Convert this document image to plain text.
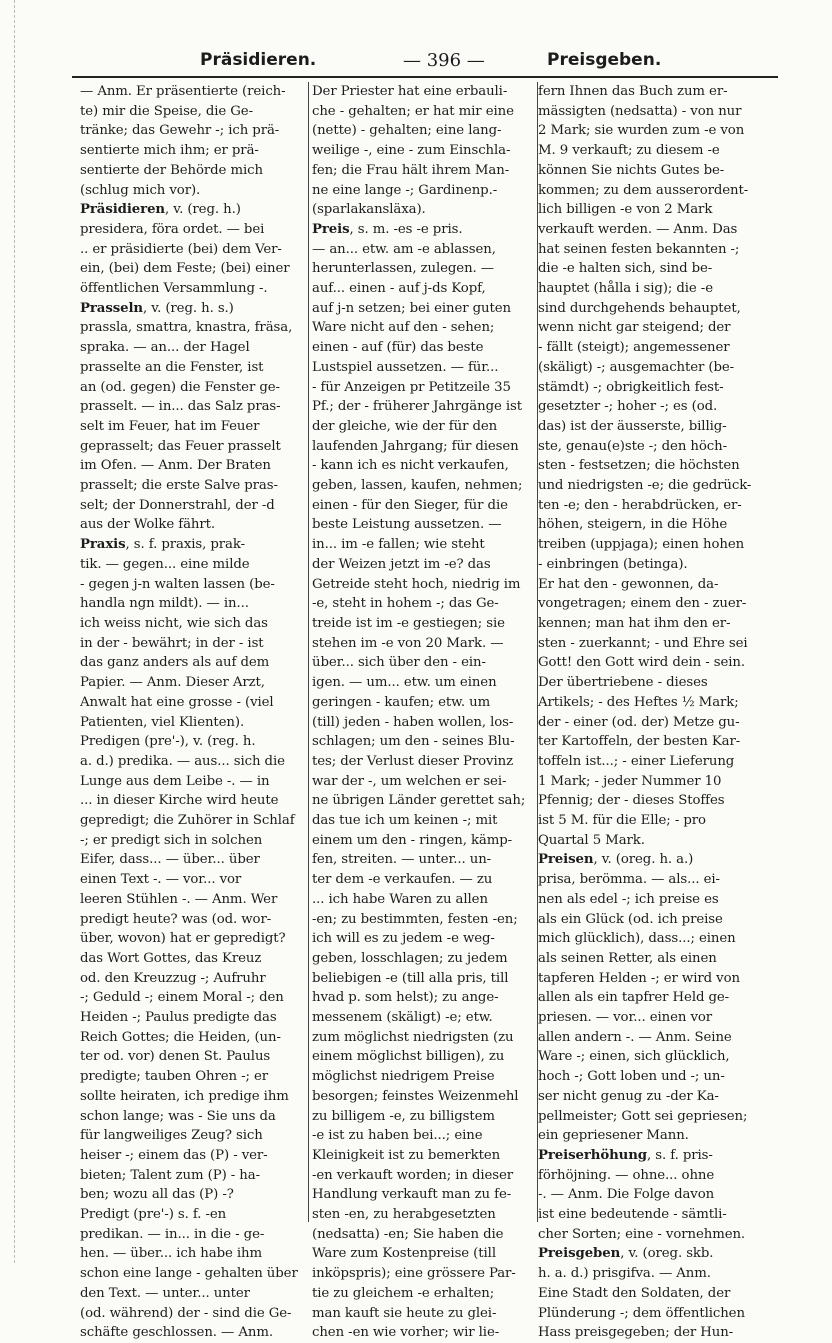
Präsidieren.	— 396 —	Preisgeben.
— Anm. Er präsentierte (reich-
te) mir die Speise, die Ge-
tränke; das Gewehr -; ich prä-
sentierte mich ihm; er prä-
sentierte der Behörde mich
(schlug mich vor).
Präsidieren, v. (reg. h.)
presidera, föra ordet. — bei
.. er präsidierte (bei) dem Ver-
ein, (bei) dem Feste; (bei) einer
öffentlichen Versammlung -.
Prasseln, v. (reg. h. s.)
prassla, smattra, knastra, fräsa,
spraka. — an... der Hagel
prasselte an die Fenster, ist
an (od. gegen) die Fenster ge-
prasselt. — in... das Salz pras-
selt im Feuer, hat im Feuer
geprasselt; das Feuer prasselt
im Ofen. — Anm. Der Braten
prasselt; die erste Salve pras-
selt; der Donnerstrahl, der -d
aus der Wolke fährt.
Praxis, s. f. praxis, prak-
tik. — gegen... eine milde
- gegen j-n walten lassen (be-
handla ngn mildt). — in...
ich weiss nicht, wie sich das
in der - bewährt; in der - ist
das ganz anders als auf dem
Papier. — Anm. Dieser Arzt,
Anwalt hat eine grosse - (viel
Patienten, viel Klienten).
Predigen (pre'-), v. (reg. h.
a. d.) predika. — aus... sich die
Lunge aus dem Leibe -. — in
... in dieser Kirche wird heute
gepredigt; die Zuhörer in Schlaf
-; er predigt sich in solchen
Eifer, dass... — über... über
einen Text -. — vor... vor
leeren Stühlen -. — Anm. Wer
predigt heute? was (od. wor-
über, wovon) hat er gepredigt?
das Wort Gottes, das Kreuz
od. den Kreuzzug -; Aufruhr
-; Geduld -; einem Moral -; den
Heiden -; Paulus predigte das
Reich Gottes; die Heiden, (un-
ter od. vor) denen St. Paulus
predigte; tauben Ohren -; er
sollte heiraten, ich predige ihm
schon lange; was - Sie uns da
für langweiliges Zeug? sich
heiser -; einem das (P) - ver-
bieten; Talent zum (P) - ha-
ben; wozu all das (P) -?
Predigt (pre'-) s. f. -en
predikan. — in... in die - ge-
hen. — über... ich habe ihm
schon eine lange - gehalten über
den Text. — unter... unter
(od. während) der - sind die Ge-
schäfte geschlossen. — Anm.
Der Priester hat eine erbauli-
che - gehalten; er hat mir eine
(nette) - gehalten; eine lang-
weilige -, eine - zum Einschla-
fen; die Frau hält ihrem Man-
ne eine lange -; Gardinenp.-
(sparlakansläxa).
Preis, s. m. -es -e pris.
— an... etw. am -e ablassen,
herunterlassen, zulegen. —
auf... einen - auf j-ds Kopf,
auf j-n setzen; bei einer guten
Ware nicht auf den - sehen;
einen - auf (für) das beste
Lustspiel aussetzen. — für...
- für Anzeigen pr Petitzeile 35
Pf.; der - früherer Jahrgänge ist
der gleiche, wie der für den
laufenden Jahrgang; für diesen
- kann ich es nicht verkaufen,
geben, lassen, kaufen, nehmen;
einen - für den Sieger, für die
beste Leistung aussetzen. —
in... im -e fallen; wie steht
der Weizen jetzt im -e? das
Getreide steht hoch, niedrig im
-e, steht in hohem -; das Ge-
treide ist im -e gestiegen; sie
stehen im -e von 20 Mark. —
über... sich über den - ein-
igen. — um... etw. um einen
geringen - kaufen; etw. um
(till) jeden - haben wollen, los-
schlagen; um den - seines Blu-
tes; der Verlust dieser Provinz
war der -, um welchen er sei-
ne übrigen Länder gerettet sah;
das tue ich um keinen -; mit
einem um den - ringen, kämp-
fen, streiten. — unter... un-
ter dem -e verkaufen. — zu
... ich habe Waren zu allen
-en; zu bestimmten, festen -en;
ich will es zu jedem -e weg-
geben, losschlagen; zu jedem
beliebigen -e (till alla pris, till
hvad p. som helst); zu ange-
messenem (skäligt) -e; etw.
zum möglichst niedrigsten (zu
einem möglichst billigen), zu
möglichst niedrigem Preise
besorgen; feinstes Weizenmehl
zu billigem -e, zu billigstem
-e ist zu haben bei...; eine
Kleinigkeit ist zu bemerkten
-en verkauft worden; in dieser
Handlung verkauft man zu fe-
sten -en, zu herabgesetzten
(nedsatta) -en; Sie haben die
Ware zum Kostenpreise (till
inköpspris); eine grössere Par-
tie zu gleichem -e erhalten;
man kauft sie heute zu glei-
chen -en wie vorher; wir lie-
fern Ihnen das Buch zum er-
mässigten (nedsatta) - von nur
2 Mark; sie wurden zum -e von
M. 9 verkauft; zu diesem -e
können Sie nichts Gutes be-
kommen; zu dem ausserordent-
lich billigen -e von 2 Mark
verkauft werden. — Anm. Das
hat seinen festen bekannten -;
die -e halten sich, sind be-
hauptet (hålla i sig); die -e
sind durchgehends behauptet,
wenn nicht gar steigend; der
- fällt (steigt); angemessener
(skäligt) -; ausgemachter (be-
stämdt) -; obrigkeitlich fest-
gesetzter -; hoher -; es (od.
das) ist der äusserste, billig-
ste, genau(e)ste -; den höch-
sten - festsetzen; die höchsten
und niedrigsten -e; die gedrück-
ten -e; den - herabdrücken, er-
höhen, steigern, in die Höhe
treiben (uppjaga); einen hohen
- einbringen (betinga).
Er hat den - gewonnen, da-
vongetragen; einem den - zuer-
kennen; man hat ihm den er-
sten - zuerkannt; - und Ehre sei
Gott! den Gott wird dein - sein.
Der übertriebene - dieses
Artikels; - des Heftes ½ Mark;
der - einer (od. der) Metze gu-
ter Kartoffeln, der besten Kar-
toffeln ist...; - einer Lieferung
1 Mark; - jeder Nummer 10
Pfennig; der - dieses Stoffes
ist 5 M. für die Elle; - pro
Quartal 5 Mark.
Preisen, v. (oreg. h. a.)
prisa, berömma. — als... ei-
nen als edel -; ich preise es
als ein Glück (od. ich preise
mich glücklich), dass...; einen
als seinen Retter, als einen
tapferen Helden -; er wird von
allen als ein tapfrer Held ge-
priesen. — vor... einen vor
allen andern -. — Anm. Seine
Ware -; einen, sich glücklich,
hoch -; Gott loben und -; un-
ser nicht genug zu -der Ka-
pellmeister; Gott sei gepriesen;
ein gepriesener Mann.
Preiserhöhung, s. f. pris-
förhöjning. — ohne... ohne
-. — Anm. Die Folge davon
ist eine bedeutende - sämtli-
cher Sorten; eine - vornehmen.
Preisgeben, v. (oreg. skb.
h. a. d.) prisgifva. — Anm.
Eine Stadt den Soldaten, der
Plünderung -; dem öffentlichen
Hass preisgegeben; der Hun-
